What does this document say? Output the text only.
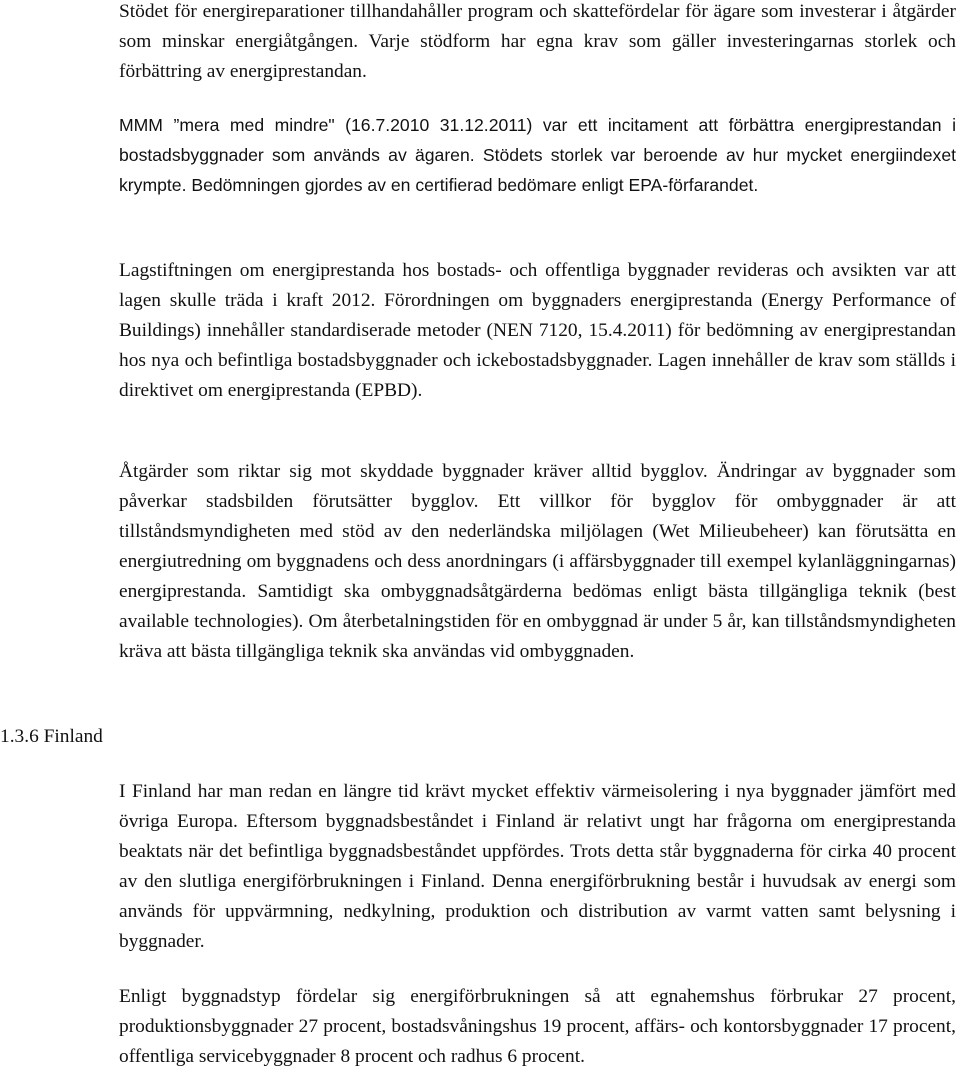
Stödet för energireparationer tillhandahåller program och skattefördelar för ägare som investerar i åtgärder som minskar energiåtgången. Varje stödform har egna krav som gäller investeringarnas storlek och förbättring av energiprestandan.

MMM ”mera med mindre" (16.7.2010 31.12.2011) var ett incitament att förbättra energiprestandan i bostadsbyggnader som används av ägaren. Stödets storlek var beroende av hur mycket energiindexet krympte. Bedömningen gjordes av en certifierad bedömare enligt EPA-förfarandet.

Lagstiftningen om energiprestanda hos bostads- och offentliga byggnader revideras och avsikten var att lagen skulle träda i kraft 2012. Förordningen om byggnaders energiprestanda (Energy Performance of Buildings) innehåller standardiserade metoder (NEN 7120, 15.4.2011) för bedömning av energiprestandan hos nya och befintliga bostadsbyggnader och ickebostadsbyggnader. Lagen innehåller de krav som ställds i direktivet om energiprestanda (EPBD).

Åtgärder som riktar sig mot skyddade byggnader kräver alltid bygglov. Ändringar av byggnader som påverkar stadsbilden förutsätter bygglov. Ett villkor för bygglov för ombyggnader är att tillståndsmyndigheten med stöd av den nederländska miljölagen (Wet Milieubeheer) kan förutsätta en energiutredning om byggnadens och dess anordningars (i affärsbyggnader till exempel kylanläggningarnas) energiprestanda. Samtidigt ska ombyggnadsåtgärderna bedömas enligt bästa tillgängliga teknik (best available technologies). Om återbetalningstiden för en ombyggnad är under 5 år, kan tillståndsmyndigheten kräva att bästa tillgängliga teknik ska användas vid ombyggnaden.

1.3.6 Finland

I Finland har man redan en längre tid krävt mycket effektiv värmeisolering i nya byggnader jämfört med övriga Europa. Eftersom byggnadsbeståndet i Finland är relativt ungt har frågorna om energiprestanda beaktats när det befintliga byggnadsbeståndet uppfördes. Trots detta står byggnaderna för cirka 40 procent av den slutliga energiförbrukningen i Finland. Denna energiförbrukning består i huvudsak av energi som används för uppvärmning, nedkylning, produktion och distribution av varmt vatten samt belysning i byggnader.

Enligt byggnadstyp fördelar sig energiförbrukningen så att egnahemshus förbrukar 27 procent, produktionsbyggnader 27 procent, bostadsvåningshus 19 procent, affärs- och kontorsbyggnader 17 procent, offentliga servicebyggnader 8 procent och radhus 6 procent.
